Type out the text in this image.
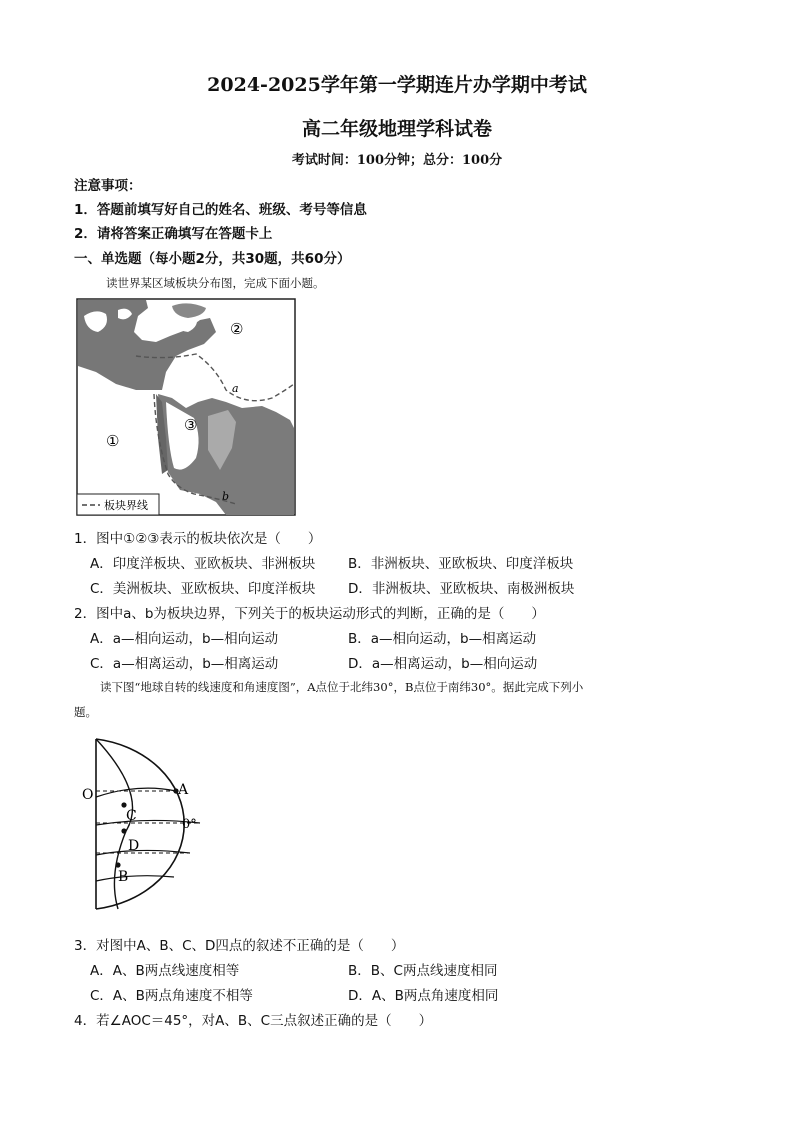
2024-2025学年第一学期连片办学期中考试
高二年级地理学科试卷
考试时间：100分钟；总分：100分
注意事项：
1．答题前填写好自己的姓名、班级、考号等信息
2．请将答案正确填写在答题卡上
一、单选题（每小题2分，共30题，共60分）
读世界某区域板块分布图，完成下面小题。
板块界线
①
②
③
a
b
1．图中①②③表示的板块依次是（　　）
A．印度洋板块、亚欧板块、非洲板块 B．非洲板块、亚欧板块、印度洋板块
C．美洲板块、亚欧板块、印度洋板块 D．非洲板块、亚欧板块、南极洲板块
2．图中a、b为板块边界，下列关于的板块运动形式的判断，正确的是（　　）
A．a—相向运动，b—相向运动	B．a—相向运动，b—相离运动
C．a—相离运动，b—相离运动	D．a—相离运动，b—相向运动
读下图“地球自转的线速度和角速度图”，A点位于北纬30°，B点位于南纬30°。据此完成下列小
题。
O	A
C
0°
D
B
3．对图中A、B、C、D四点的叙述不正确的是（　　）
A．A、B两点线速度相等	B．B、C两点线速度相同
C．A、B两点角速度不相等	D．A、B两点角速度相同
4．若∠AOC＝45°，对A、B、C三点叙述正确的是（　　）
